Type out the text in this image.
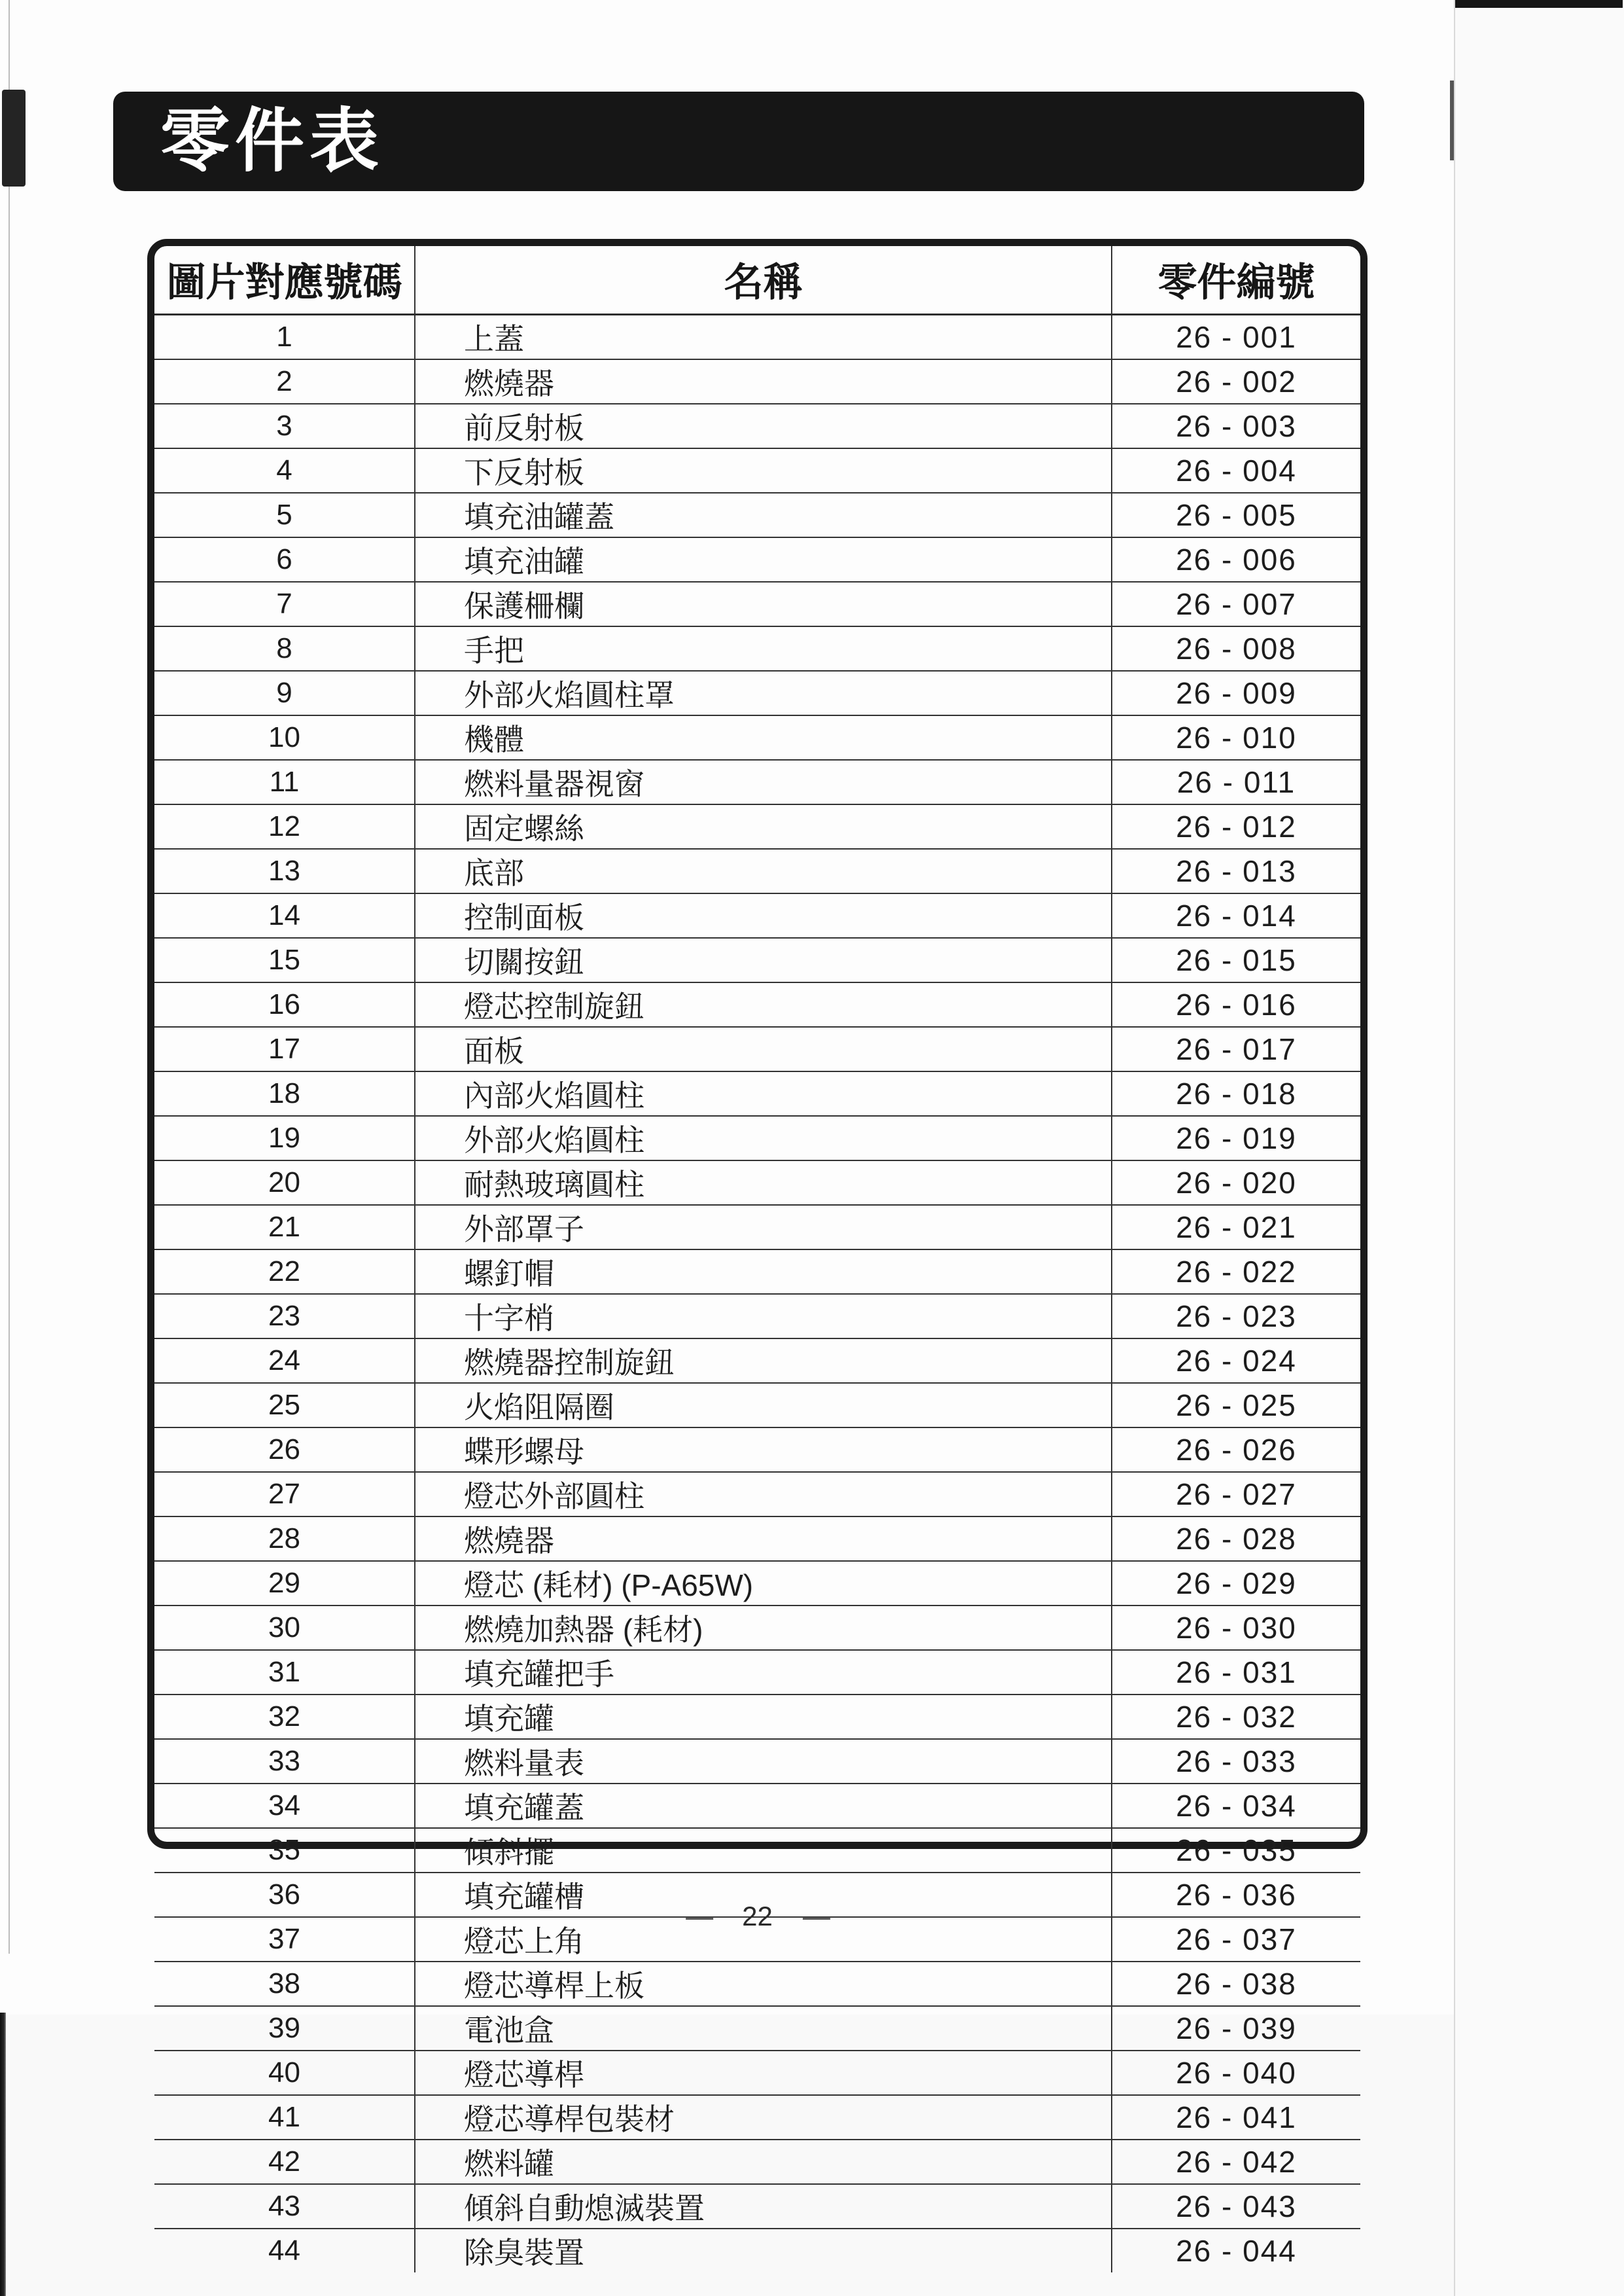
零件表
圖片對應號碼	名稱	零件編號
1	上蓋	26 - 001
2	燃燒器	26 - 002
3	前反射板	26 - 003
4	下反射板	26 - 004
5	填充油罐蓋	26 - 005
6	填充油罐	26 - 006
7	保護柵欄	26 - 007
8	手把	26 - 008
9	外部火焰圓柱罩	26 - 009
10	機體	26 - 010
11	燃料量器視窗	26 - 011
12	固定螺絲	26 - 012
13	底部	26 - 013
14	控制面板	26 - 014
15	切關按鈕	26 - 015
16	燈芯控制旋鈕	26 - 016
17	面板	26 - 017
18	內部火焰圓柱	26 - 018
19	外部火焰圓柱	26 - 019
20	耐熱玻璃圓柱	26 - 020
21	外部罩子	26 - 021
22	螺釘帽	26 - 022
23	十字梢	26 - 023
24	燃燒器控制旋鈕	26 - 024
25	火焰阻隔圈	26 - 025
26	蝶形螺母	26 - 026
27	燈芯外部圓柱	26 - 027
28	燃燒器	26 - 028
29	燈芯 (耗材) (P-A65W)	26 - 029
30	燃燒加熱器 (耗材)	26 - 030
31	填充罐把手	26 - 031
32	填充罐	26 - 032
33	燃料量表	26 - 033
34	填充罐蓋	26 - 034
35	傾斜擺	26 - 035
36	填充罐槽	26 - 036
37	燈芯上角	26 - 037
38	燈芯導桿上板	26 - 038
39	電池盒	26 - 039
40	燈芯導桿	26 - 040
41	燈芯導桿包裝材	26 - 041
42	燃料罐	26 - 042
43	傾斜自動熄滅裝置	26 - 043
44	除臭裝置	26 - 044
— 22 —
